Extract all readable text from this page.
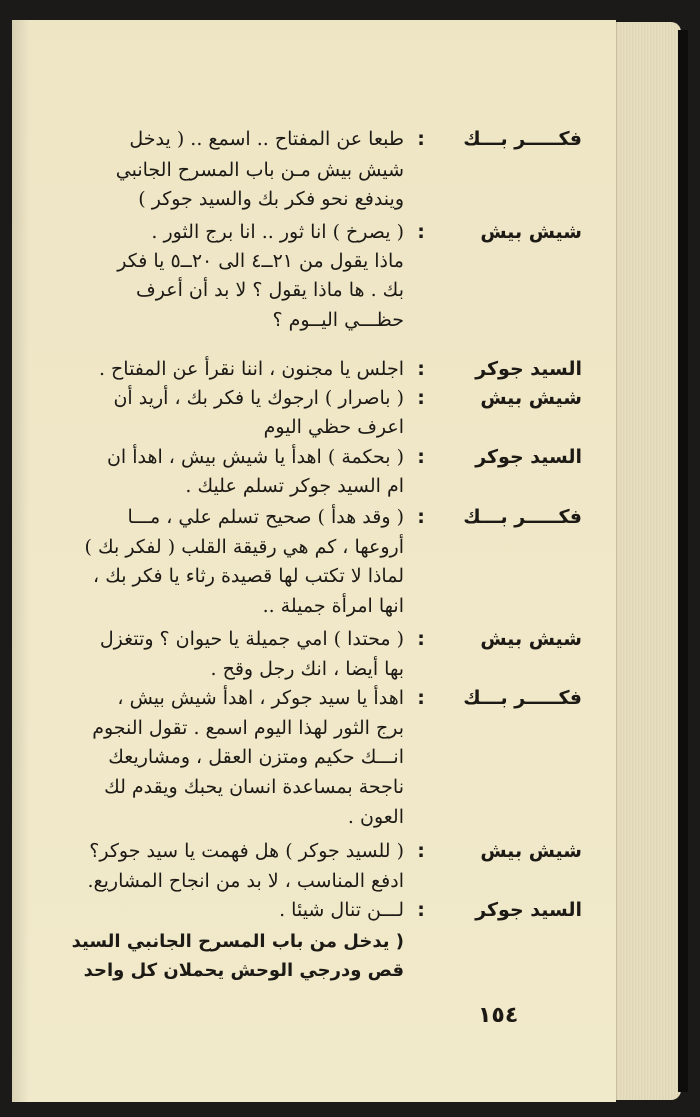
فكـــــر بـــك
:
طبعا عن المفتاح .. اسمع .. ( يدخل
شيش بيش مـن باب المسرح الجانبي
ويندفع نحو فكر بك والسيد جوكر )
شيش بيش
:
( يصرخ ) انا ثور .. انا برج الثور .
ماذا يقول من ٢١ــ٤ الى ٢٠ــ٥ يا فكر
بك . ها ماذا يقول ؟ لا بد أن أعرف
حظـــي اليــوم ؟
السيد جوكر
:
اجلس يا مجنون ، اننا نقرأ عن المفتاح .
شيش بيش
:
( باصرار ) ارجوك يا فكر بك ، أريد أن
اعرف حظي اليوم
السيد جوكر
:
( بحكمة ) اهدأ يا شيش بيش ، اهدأ ان
ام السيد جوكر تسلم عليك .
فكـــــر بـــك
:
( وقد هدأ ) صحيح تسلم علي ، مـــا
أروعها ، كم هي رقيقة القلب ( لفكر بك )
لماذا لا تكتب لها قصيدة رثاء يا فكر بك ،
انها امرأة جميلة ..
شيش بيش
:
( محتدا ) امي جميلة يا حيوان ؟ وتتغزل
بها أيضا ، انك رجل وقح .
فكـــــر بـــك
:
اهدأ يا سيد جوكر ، اهدأ شيش بيش ،
برج الثور لهذا اليوم اسمع . تقول النجوم
انـــك حكيم ومتزن العقل ، ومشاريعك
ناجحة بمساعدة انسان يحبك ويقدم لك
العون .
شيش بيش
:
( للسيد جوكر ) هل فهمت يا سيد جوكر؟
ادفع المناسب ، لا بد من انجاح المشاريع.
السيد جوكر
:
لـــن تنال شيئا .
( يدخل من باب المسرح الجانبي السيد
قص ودرجي الوحش يحملان كل واحد
١٥٤
